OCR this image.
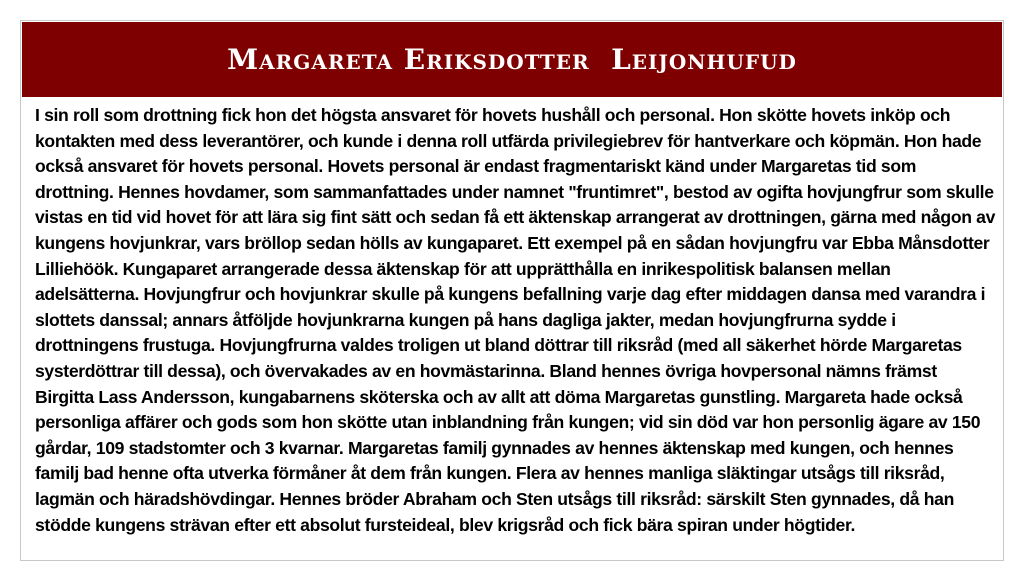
Margareta Eriksdotter  Leijonhufud

I sin roll som drottning fick hon det högsta ansvaret för hovets hushåll och personal. Hon skötte hovets inköp och kontakten med dess leverantörer, och kunde i denna roll utfärda privilegiebrev för hantverkare och köpmän. Hon hade också ansvaret för hovets personal. Hovets personal är endast fragmentariskt känd under Margaretas tid som drottning. Hennes hovdamer, som sammanfattades under namnet "fruntimret", bestod av ogifta hovjungfrur som skulle vistas en tid vid hovet för att lära sig fint sätt och sedan få ett äktenskap arrangerat av drottningen, gärna med någon av kungens hovjunkrar, vars bröllop sedan hölls av kungaparet. Ett exempel på en sådan hovjungfru var Ebba Månsdotter Lilliehöök. Kungaparet arrangerade dessa äktenskap för att upprätthålla en inrikespolitisk balansen mellan adelsätterna. Hovjungfrur och hovjunkrar skulle på kungens befallning varje dag efter middagen dansa med varandra i slottets danssal; annars åtföljde hovjunkrarna kungen på hans dagliga jakter, medan hovjungfrurna sydde i drottningens frustuga. Hovjungfrurna valdes troligen ut bland döttrar till riksråd (med all säkerhet hörde Margaretas systerdöttrar till dessa), och övervakades av en hovmästarinna. Bland hennes övriga hovpersonal nämns främst Birgitta Lass Andersson, kungabarnens sköterska och av allt att döma Margaretas gunstling. Margareta hade också personliga affärer och gods som hon skötte utan inblandning från kungen; vid sin död var hon personlig ägare av 150 gårdar, 109 stadstomter och 3 kvarnar. Margaretas familj gynnades av hennes äktenskap med kungen, och hennes familj bad henne ofta utverka förmåner åt dem från kungen. Flera av hennes manliga släktingar utsågs till riksråd, lagmän och häradshövdingar. Hennes bröder Abraham och Sten utsågs till riksråd: särskilt Sten gynnades, då han stödde kungens strävan efter ett absolut fursteideal, blev krigsråd och fick bära spiran under högtider.
